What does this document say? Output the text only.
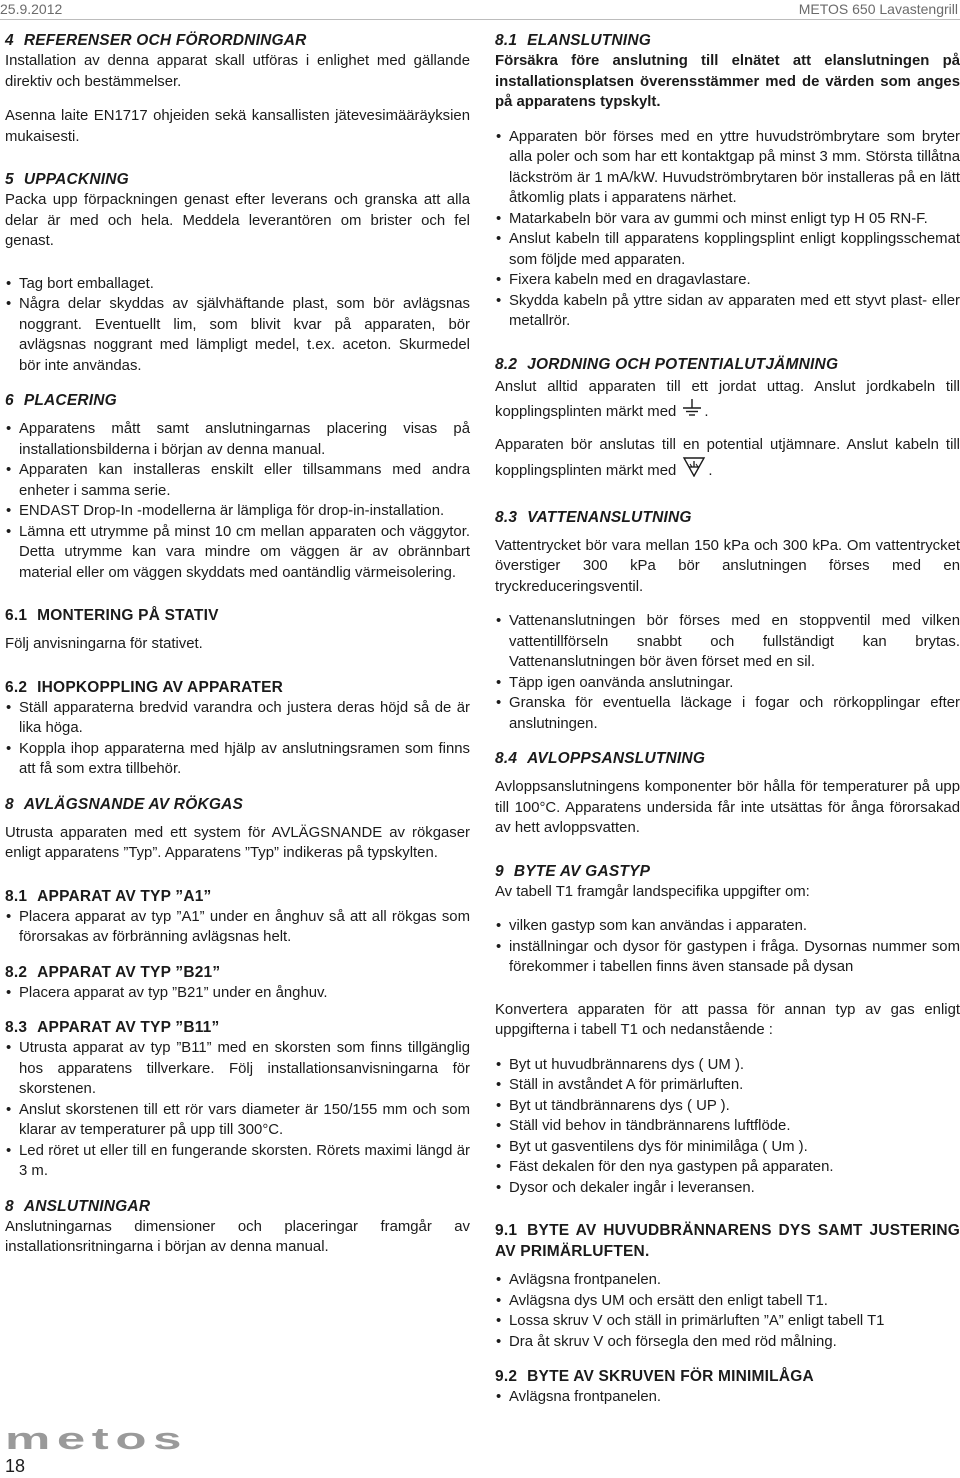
25.9.2012	METOS 650 Lavastengrill
4 REFERENSER OCH FÖRORDNINGAR

Installation av denna apparat skall utföras i enlighet med gällande direktiv och bestämmelser.

Asenna laite EN1717 ohjeiden sekä kansallisten jätevesimääräyksien mukaisesti.

5 UPPACKNING

Packa upp förpackningen genast efter leverans och granska att alla delar är med och hela. Meddela leverantören om brister och fel genast.

• Tag bort emballaget.
• Några delar skyddas av självhäftande plast, som bör avlägsnas noggrant. Eventuellt lim, som blivit kvar på apparaten, bör avlägsnas noggrant med lämpligt medel, t.ex. aceton. Skurmedel bör inte användas.
6 PLACERING
• Apparatens mått samt anslutningarnas placering visas på installationsbilderna i början av denna manual.
• Apparaten kan installeras enskilt eller tillsammans med andra enheter i samma serie.
• ENDAST Drop-In -modellerna är lämpliga för drop-in-installation.
• Lämna ett utrymme på minst 10 cm mellan apparaten och väggytor. Detta utrymme kan vara mindre om väggen är av obrännbart material eller om väggen skyddats med oantändlig värmeisolering.
6.1 MONTERING PÅ STATIV

Följ anvisningarna för stativet.

6.2 IHOPKOPPLING AV APPARATER
• Ställ apparaterna bredvid varandra och justera deras höjd så de är lika höga.
• Koppla ihop apparaterna med hjälp av anslutningsramen som finns att få som extra tillbehör.
8 AVLÄGSNANDE AV RÖKGAS

Utrusta apparaten med ett system för AVLÄGSNANDE av rökgaser enligt apparatens ”Typ”. Apparatens ”Typ” indikeras på typskylten.

8.1 APPARAT AV TYP ”A1”
• Placera apparat av typ ”A1” under en ånghuv så att all rökgas som förorsakas av förbränning avlägsnas helt.
8.2 APPARAT AV TYP ”B21”
• Placera apparat av typ ”B21” under en ånghuv.
8.3 APPARAT AV TYP ”B11”
• Utrusta apparat av typ ”B11” med en skorsten som finns tillgänglig hos apparatens tillverkare. Följ installationsanvisningarna för skorstenen.
• Anslut skorstenen till ett rör vars diameter är 150/155 mm och som klarar av temperaturer på upp till 300°C.
• Led röret ut eller till en fungerande skorsten. Rörets maximi längd är 3 m.
8 ANSLUTNINGAR

Anslutningarnas dimensioner och placeringar framgår av installationsritningarna i början av denna manual.

8.1 ELANSLUTNING

Försäkra före anslutning till elnätet att elanslutningen på installationsplatsen överensstämmer med de värden som anges på apparatens typskylt.

• Apparaten bör förses med en yttre huvudströmbrytare som bryter alla poler och som har ett kontaktgap på minst 3 mm. Största tillåtna läckström är 1 mA/kW. Huvudströmbrytaren bör installeras på en lätt åtkomlig plats i apparatens närhet.
• Matarkabeln bör vara av gummi och minst enligt typ H 05 RN-F.
• Anslut kabeln till apparatens kopplingsplint enligt kopplingsschemat som följde med apparaten.
• Fixera kabeln med en dragavlastare.
• Skydda kabeln på yttre sidan av apparaten med ett styvt plast- eller metallrör.
8.2 JORDNING OCH POTENTIALUTJÄMNING

Anslut alltid apparaten till ett jordat uttag. Anslut jordkabeln till kopplingsplinten märkt med .

Apparaten bör anslutas till en potential utjämnare. Anslut kabeln till kopplingsplinten märkt med .

8.3 VATTENANSLUTNING

Vattentrycket bör vara mellan 150 kPa och 300 kPa. Om vattentrycket överstiger 300 kPa bör anslutningen förses med en tryckreduceringsventil.

• Vattenanslutningen bör förses med en stoppventil med vilken vattentillförseln snabbt och fullständigt kan brytas. Vattenanslutningen bör även förset med en sil.
• Täpp igen oanvända anslutningar.
• Granska för eventuella läckage i fogar och rörkopplingar efter anslutningen.
8.4 AVLOPPSANSLUTNING

Avloppsanslutningens komponenter bör hålla för temperaturer på upp till 100°C. Apparatens undersida får inte utsättas för ånga förorsakad av hett avloppsvatten.

9 BYTE AV GASTYP

Av tabell T1 framgår landspecifika uppgifter om:

• vilken gastyp som kan användas i apparaten.
• inställningar och dysor för gastypen i fråga. Dysornas nummer som förekommer i tabellen finns även stansade på dysan

Konvertera apparaten för att passa för annan typ av gas enligt uppgifterna i tabell T1 och nedanstående :

• Byt ut huvudbrännarens dys ( UM ).
• Ställ in avståndet A för primärluften.
• Byt ut tändbrännarens dys ( UP ).
• Ställ vid behov in tändbrännarens luftflöde.
• Byt ut gasventilens dys för minimilåga ( Um ).
• Fäst dekalen för den nya gastypen på apparaten.
• Dysor och dekaler ingår i leveransen.
9.1 BYTE AV HUVUDBRÄNNARENS DYS SAMT JUSTERING AV PRIMÄRLUFTEN.
• Avlägsna frontpanelen.
• Avlägsna dys UM och ersätt den enligt tabell T1.
• Lossa skruv V och ställ in primärluften ”A” enligt tabell T1
• Dra åt skruv V och försegla den med röd målning.
9.2 BYTE AV SKRUVEN FÖR MINIMILÅGA
• Avlägsna frontpanelen.
metos
18
